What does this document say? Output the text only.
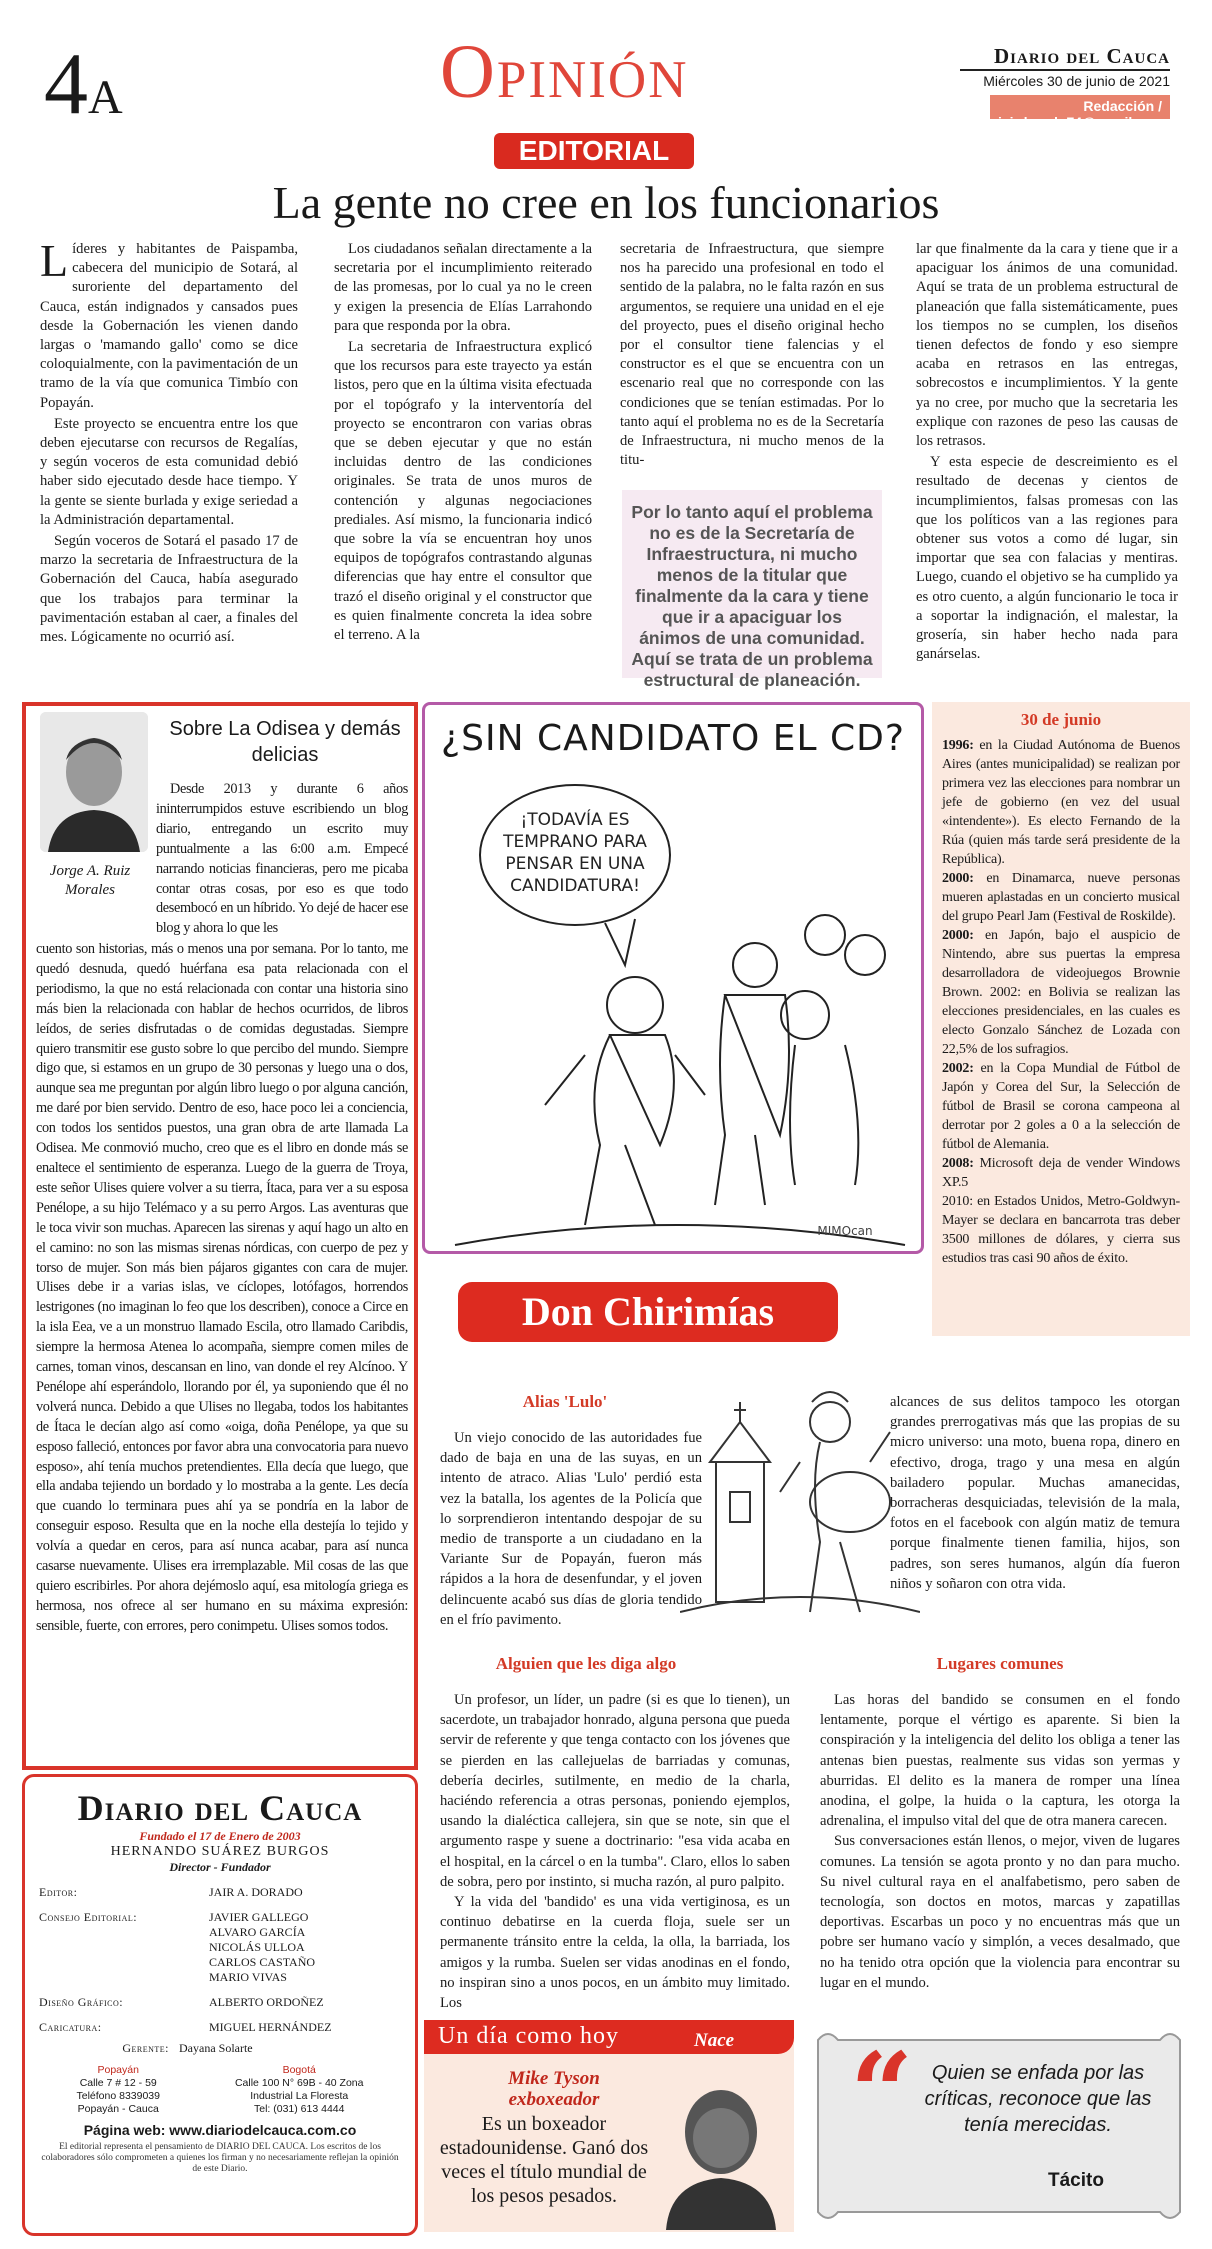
4A	Opinión	Diario del Cauca
Miércoles 30 de junio de 2021
Redacción / jairdorado74@gmail.com
EDITORIAL
La gente no cree en los funcionarios

Líderes y habitantes de Paispamba, cabecera del municipio de Sotará, al suroriente del departamento del Cauca, están indignados y cansados pues desde la Gobernación les vienen dando largas o 'mamando gallo' como se dice coloquialmente, con la pavimentación de un tramo de la vía que comunica Timbío con Popayán.

Este proyecto se encuentra entre los que deben ejecutarse con recursos de Regalías, y según voceros de esta comunidad debió haber sido ejecutado desde hace tiempo. Y la gente se siente burlada y exige seriedad a la Administración departamental.

Según voceros de Sotará el pasado 17 de marzo la secretaria de Infraestructura de la Gobernación del Cauca, había asegurado que los trabajos para terminar la pavimentación estaban al caer, a finales del mes. Lógicamente no ocurrió así.

Los ciudadanos señalan directamente a la secretaria por el incumplimiento reiterado de las promesas, por lo cual ya no le creen y exigen la presencia de Elías Larrahondo para que responda por la obra.

La secretaria de Infraestructura explicó que los recursos para este trayecto ya están listos, pero que en la última visita efectuada por el topógrafo y la interventoría del proyecto se encontraron con varias obras que se deben ejecutar y que no están incluidas dentro de las condiciones originales. Se trata de unos muros de contención y algunas negociaciones prediales. Así mismo, la funcionaria indicó que sobre la vía se encuentran hoy unos equipos de topógrafos contrastando algunas diferencias que hay entre el consultor que trazó el diseño original y el constructor que es quien finalmente concreta la idea sobre el terreno. A la

secretaria de Infraestructura, que siempre nos ha parecido una profesional en todo el sentido de la palabra, no le falta razón en sus argumentos, se requiere una unidad en el eje del proyecto, pues el diseño original hecho por el consultor tiene falencias y el constructor es el que se encuentra con un escenario real que no corresponde con las condiciones que se tenían estimadas. Por lo tanto aquí el problema no es de la Secretaría de Infraestructura, ni mucho menos de la titu-

Por lo tanto aquí el problema no es de la Secretaría de Infraestructura, ni mucho menos de la titular que finalmente da la cara y tiene que ir a apaciguar los ánimos de una comunidad. Aquí se trata de un problema estructural de planeación.

lar que finalmente da la cara y tiene que ir a apaciguar los ánimos de una comunidad. Aquí se trata de un problema estructural de planeación que falla sistemáticamente, pues los tiempos no se cumplen, los diseños tienen defectos de fondo y eso siempre acaba en retrasos en las entregas, sobrecostos e incumplimientos. Y la gente ya no cree, por mucho que la secretaria les explique con razones de peso las causas de los retrasos.

Y esta especie de descreimiento es el resultado de decenas y cientos de incumplimientos, falsas promesas con las que los políticos van a las regiones para obtener sus votos a como dé lugar, sin importar que sea con falacias y mentiras. Luego, cuando el objetivo se ha cumplido ya es otro cuento, a algún funcionario le toca ir a soportar la indignación, el malestar, la grosería, sin haber hecho nada para ganárselas.

Sobre La Odisea y demás delicias
Jorge A. Ruiz Morales

Desde 2013 y durante 6 años ininterrumpidos estuve escribiendo un blog diario, entregando un escrito muy puntualmente a las 6:00 a.m. Empecé narrando noticias financieras, pero me picaba contar otras cosas, por eso es que todo desembocó en un híbrido. Yo dejé de hacer ese blog y ahora lo que les

cuento son historias, más o menos una por semana. Por lo tanto, me quedó desnuda, quedó huérfana esa pata relacionada con el periodismo, la que no está relacionada con contar una historia sino más bien la relacionada con hablar de hechos ocurridos, de libros leídos, de series disfrutadas o de comidas degustadas. Siempre quiero transmitir ese gusto sobre lo que percibo del mundo. Siempre digo que, si estamos en un grupo de 30 personas y luego una o dos, aunque sea me preguntan por algún libro luego o por alguna canción, me daré por bien servido. Dentro de eso, hace poco lei a conciencia, con todos los sentidos puestos, una gran obra de arte llamada La Odisea. Me conmovió mucho, creo que es el libro en donde más se enaltece el sentimiento de esperanza. Luego de la guerra de Troya, este señor Ulises quiere volver a su tierra, Ítaca, para ver a su esposa Penélope, a su hijo Telémaco y a su perro Argos. Las aventuras que le toca vivir son muchas. Aparecen las sirenas y aquí hago un alto en el camino: no son las mismas sirenas nórdicas, con cuerpo de pez y torso de mujer. Son más bien pájaros gigantes con cara de mujer. Ulises debe ir a varias islas, ve cíclopes, lotófagos, horrendos lestrigones (no imaginan lo feo que los describen), conoce a Circe en la isla Eea, ve a un monstruo llamado Escila, otro llamado Caribdis, siempre la hermosa Atenea lo acompaña, siempre comen miles de carnes, toman vinos, descansan en lino, van donde el rey Alcínoo. Y Penélope ahí esperándolo, llorando por él, ya suponiendo que él no volverá nunca. Debido a que Ulises no llegaba, todos los habitantes de Ítaca le decían algo así como «oiga, doña Penélope, ya que su esposo falleció, entonces por favor abra una convocatoria para nuevo esposo», ahí tenía muchos pretendientes. Ella decía que luego, que ella andaba tejiendo un bordado y lo mostraba a la gente. Les decía que cuando lo terminara pues ahí ya se pondría en la labor de conseguir esposo. Resulta que en la noche ella destejía lo tejido y volvía a quedar en ceros, para así nunca acabar, para así nunca casarse nuevamente. Ulises era irremplazable. Mil cosas de las que quiero escribirles. Por ahora dejémoslo aquí, esa mitología griega es hermosa, nos ofrece al ser humano en su máxima expresión: sensible, fuerte, con errores, pero conimpetu. Ulises somos todos.

¡TODAVÍA ES
TEMPRANO PARA
PENSAR EN UNA
CANDIDATURA!
MIMOcan
¿SIN CANDIDATO EL CD?	30 de junio

1996: en la Ciudad Autónoma de Buenos Aires (antes municipalidad) se realizan por primera vez las elecciones para nombrar un jefe de gobierno (en vez del usual «intendente»). Es electo Fernando de la Rúa (quien más tarde será presidente de la República).

2000: en Dinamarca, nueve personas mueren aplastadas en un concierto musical del grupo Pearl Jam (Festival de Roskilde).

2000: en Japón, bajo el auspicio de Nintendo, abre sus puertas la empresa desarrolladora de videojuegos Brownie Brown. 2002: en Bolivia se realizan las elecciones presidenciales, en las cuales es electo Gonzalo Sánchez de Lozada con 22,5% de los sufragios.

2002: en la Copa Mundial de Fútbol de Japón y Corea del Sur, la Selección de fútbol de Brasil se corona campeona al derrotar por 2 goles a 0 a la selección de fútbol de Alemania.

2008: Microsoft deja de vender Windows XP.5

2010: en Estados Unidos, Metro-Goldwyn-Mayer se declara en bancarrota tras deber 3500 millones de dólares, y cierra sus estudios tras casi 90 años de éxito.

Don Chirimías
Alias 'Lulo'

Un viejo conocido de las autoridades fue dado de baja en una de las suyas, en un intento de atraco. Alias 'Lulo' perdió esta vez la batalla, los agentes de la Policía que lo sorprendieron intentando despojar de su medio de transporte a un ciudadano en la Variante Sur de Popayán, fueron más rápidos a la hora de desenfundar, y el joven delincuente acabó sus días de gloria tendido en el frío pavimento.

alcances de sus delitos tampoco les otorgan grandes prerrogativas más que las propias de su micro universo: una moto, buena ropa, dinero en efectivo, droga, trago y una mesa en algún bailadero popular. Muchas amanecidas, borracheras desquiciadas, televisión de la mala, fotos en el facebook con algún matiz de temura porque finalmente tienen familia, hijos, son padres, son seres humanos, algún día fueron niños y soñaron con otra vida.

Alguien que les diga algo

Un profesor, un líder, un padre (si es que lo tienen), un sacerdote, un trabajador honrado, alguna persona que pueda servir de referente y que tenga contacto con los jóvenes que se pierden en las callejuelas de barriadas y comunas, debería decirles, sutilmente, en medio de la charla, haciéndo referencia a otras personas, poniendo ejemplos, usando la dialéctica callejera, sin que se note, sin que el argumento raspe y suene a doctrinario: "esa vida acaba en el hospital, en la cárcel o en la tumba". Claro, ellos lo saben de sobra, pero por instinto, si mucha razón, al puro palpito.

Y la vida del 'bandido' es una vida vertiginosa, es un continuo debatirse en la cuerda floja, suele ser un permanente tránsito entre la celda, la olla, la barriada, los amigos y la rumba. Suelen ser vidas anodinas en el fondo, no inspiran sino a unos pocos, en un ámbito muy limitado. Los

Lugares comunes

Las horas del bandido se consumen en el fondo lentamente, porque el vértigo es aparente. Si bien la conspiración y la inteligencia del delito los obliga a tener las antenas bien puestas, realmente sus vidas son yermas y aburridas. El delito es la manera de romper una línea anodina, el golpe, la huida o la captura, les otorga la adrenalina, el impulso vital del que de otra manera carecen.

Sus conversaciones están llenos, o mejor, viven de lugares comunes. La tensión se agota pronto y no dan para mucho. Su nivel cultural raya en el analfabetismo, pero saben de tecnología, son doctos en motos, marcas y zapatillas deportivas. Escarbas un poco y no encuentras más que un pobre ser humano vacío y simplón, a veces desalmado, que no ha tenido otra opción que la violencia para encontrar su lugar en el mundo.

Diario del Cauca
Fundado el 17 de Enero de 2003
HERNANDO SUÁREZ BURGOS
Director - Fundador
Editor:	JAIR A. DORADO
Consejo Editorial:	JAVIER GALLEGO
ALVARO GARCÍA
NICOLÁS ULLOA
CARLOS CASTAÑO
MARIO VIVAS
Diseño Gráfico:	ALBERTO ORDOÑEZ
Caricatura:	MIGUEL HERNÁNDEZ
Gerente: Dayana Solarte
Popayán
Calle 7 # 12 - 59
Teléfono 8339039
Popayán - Cauca
Bogotá
Calle 100 N° 69B - 40 Zona
Industrial La Floresta
Tel: (031) 613 4444
Página web: www.diariodelcauca.com.co
El editorial representa el pensamiento de DIARIO DEL CAUCA. Los escritos de los colaboradores sólo comprometen a quienes los firman y no necesariamente reflejan la opinión de este Diario.
Un día como hoy	Nace
Mike Tyson exboxeador
Es un boxeador estadounidense. Ganó dos veces el título mundial de los pesos pesados.
“ Quien se enfada por las críticas, reconoce que las tenía merecidas.
Tácito
